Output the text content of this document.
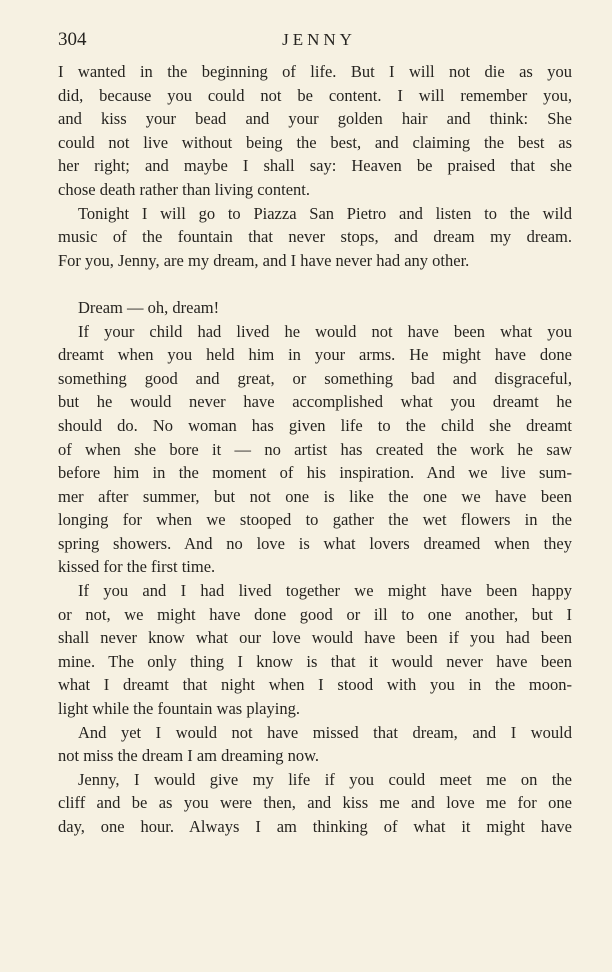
304	JENNY
I wanted in the beginning of life. But I will not die as you
did, because you could not be content. I will remember you,
and kiss your bead and your golden hair and think: She
could not live without being the best, and claiming the best as
her right; and maybe I shall say: Heaven be praised that she
chose death rather than living content.
Tonight I will go to Piazza San Pietro and listen to the wild
music of the fountain that never stops, and dream my dream.
For you, Jenny, are my dream, and I have never had any other.
Dream — oh, dream!
If your child had lived he would not have been what you
dreamt when you held him in your arms. He might have done
something good and great, or something bad and disgraceful,
but he would never have accomplished what you dreamt he
should do. No woman has given life to the child she dreamt
of when she bore it — no artist has created the work he saw
before him in the moment of his inspiration. And we live sum-
mer after summer, but not one is like the one we have been
longing for when we stooped to gather the wet flowers in the
spring showers. And no love is what lovers dreamed when they
kissed for the first time.
If you and I had lived together we might have been happy
or not, we might have done good or ill to one another, but I
shall never know what our love would have been if you had been
mine. The only thing I know is that it would never have been
what I dreamt that night when I stood with you in the moon-
light while the fountain was playing.
And yet I would not have missed that dream, and I would
not miss the dream I am dreaming now.
Jenny, I would give my life if you could meet me on the
cliff and be as you were then, and kiss me and love me for one
day, one hour. Always I am thinking of what it might have
